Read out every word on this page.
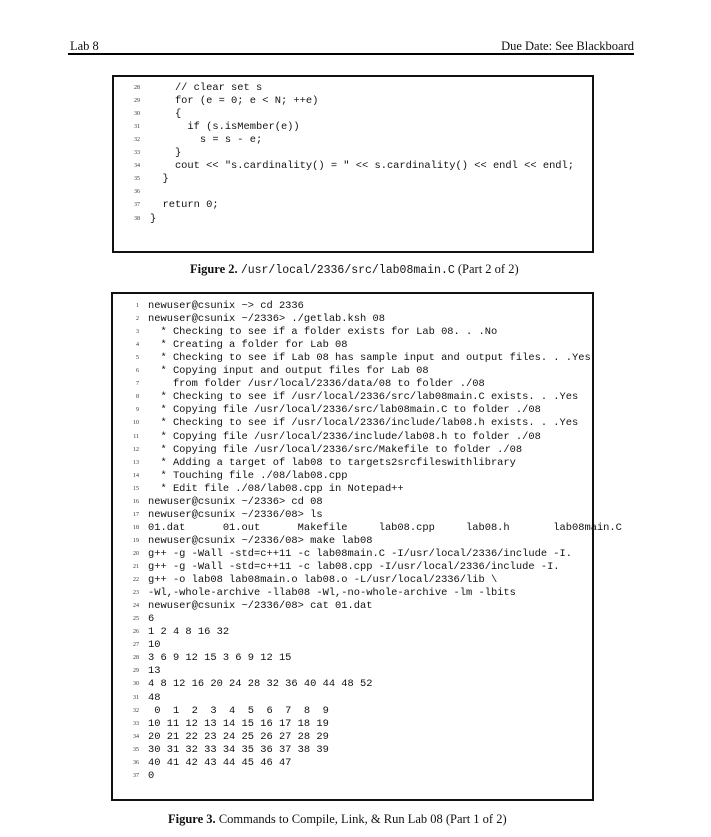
Lab 8	Due Date: See Blackboard
28 // clear set s
29 for (e = 0; e < N; ++e)
30 {
31 if (s.isMember(e))
32 s = s - e;
33 }
34 cout << "s.cardinality() = " << s.cardinality() << endl << endl;
35 }
36
37 return 0;
38 }
Figure 2. /usr/local/2336/src/lab08main.C (Part 2 of 2)
1 newuser@csunix ~> cd 2336
2 newuser@csunix ~/2336> ./getlab.ksh 08
3 * Checking to see if a folder exists for Lab 08. . .No
4 * Creating a folder for Lab 08
5 * Checking to see if Lab 08 has sample input and output files. . .Yes
6 * Copying input and output files for Lab 08
7 from folder /usr/local/2336/data/08 to folder ./08
8 * Checking to see if /usr/local/2336/src/lab08main.C exists. . .Yes
9 * Copying file /usr/local/2336/src/lab08main.C to folder ./08
10 * Checking to see if /usr/local/2336/include/lab08.h exists. . .Yes
11 * Copying file /usr/local/2336/include/lab08.h to folder ./08
12 * Copying file /usr/local/2336/src/Makefile to folder ./08
13 * Adding a target of lab08 to targets2srcfileswithlibrary
14 * Touching file ./08/lab08.cpp
15 * Edit file ./08/lab08.cpp in Notepad++
16 newuser@csunix ~/2336> cd 08
17 newuser@csunix ~/2336/08> ls
18 01.dat      01.out      Makefile     lab08.cpp     lab08.h       lab08main.C
19 newuser@csunix ~/2336/08> make lab08
20 g++ -g -Wall -std=c++11 -c lab08main.C -I/usr/local/2336/include -I.
21 g++ -g -Wall -std=c++11 -c lab08.cpp -I/usr/local/2336/include -I.
22 g++ -o lab08 lab08main.o lab08.o -L/usr/local/2336/lib \
23 -Wl,-whole-archive -llab08 -Wl,-no-whole-archive -lm -lbits
24 newuser@csunix ~/2336/08> cat 01.dat
25 6
26 1 2 4 8 16 32
27 10
28 3 6 9 12 15 3 6 9 12 15
29 13
30 4 8 12 16 20 24 28 32 36 40 44 48 52
31 48
32 0  1  2  3  4  5  6  7  8  9
33 10 11 12 13 14 15 16 17 18 19
34 20 21 22 23 24 25 26 27 28 29
35 30 31 32 33 34 35 36 37 38 39
36 40 41 42 43 44 45 46 47
37 0
Figure 3. Commands to Compile, Link, & Run Lab 08 (Part 1 of 2)
